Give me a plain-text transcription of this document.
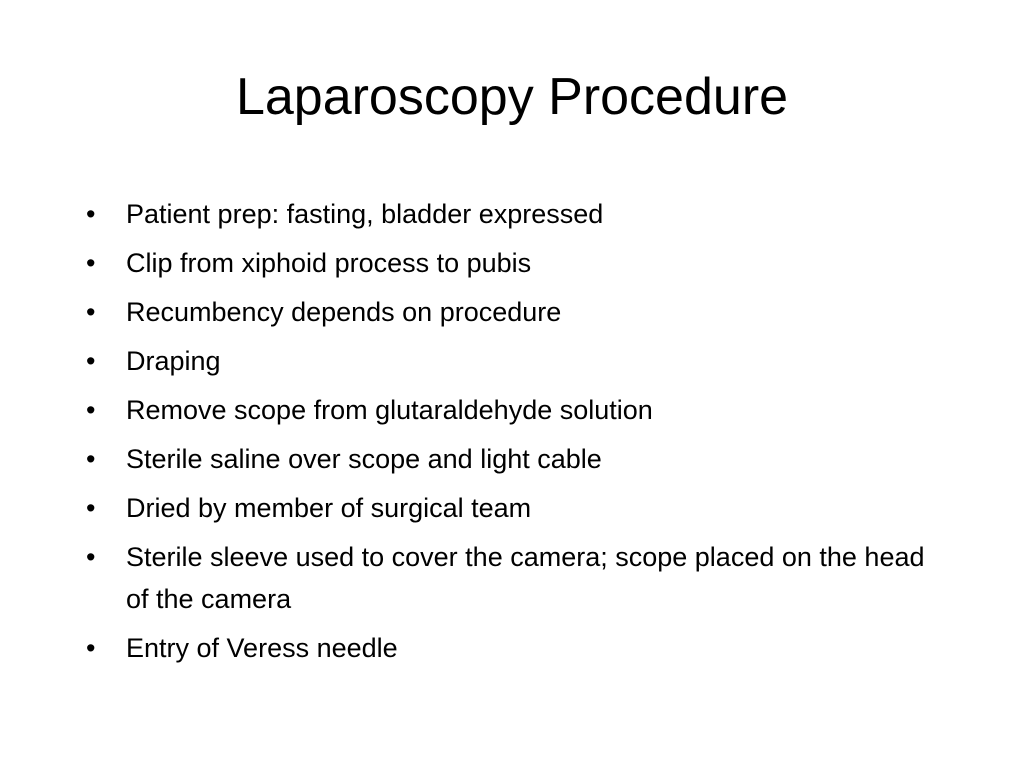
Laparoscopy Procedure
•	Patient prep: fasting, bladder expressed
•	Clip from xiphoid process to pubis
•	Recumbency depends on procedure
•	Draping
•	Remove scope from glutaraldehyde solution
•	Sterile saline over scope and light cable
•	Dried by member of surgical team
•	Sterile sleeve used to cover the camera; scope placed on the head of the camera
•	Entry of Veress needle
